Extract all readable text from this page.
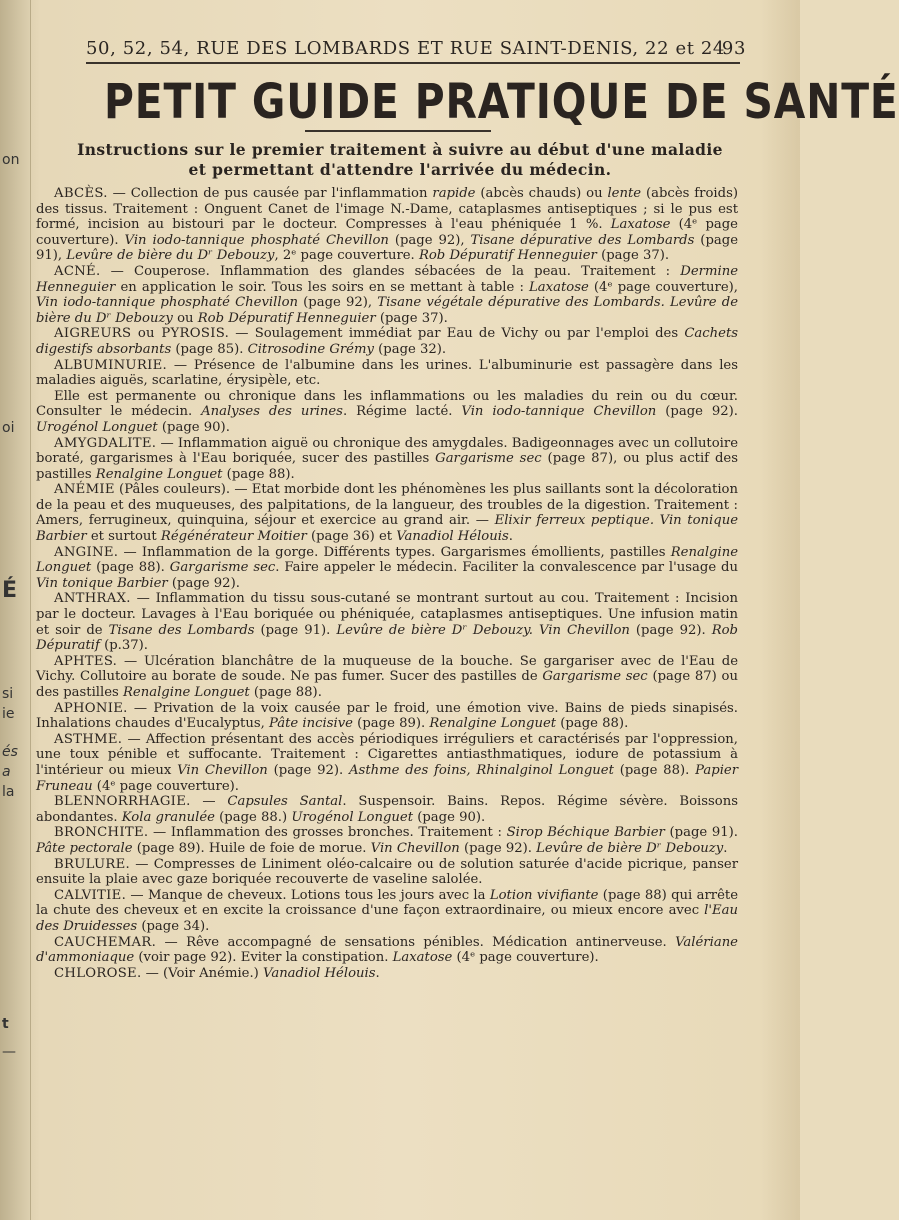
on
oi
É
si
ie
és
a
la
t
—
50, 52, 54, RUE DES LOMBARDS ET RUE SAINT-DENIS, 22 et 24
93
PETIT GUIDE PRATIQUE DE SANTÉ
Instructions sur le premier traitement à suivre au début d'une maladie
et permettant d'attendre l'arrivée du médecin.

ABCÈS. — Collection de pus causée par l'inflammation rapide (abcès chauds) ou lente (abcès froids) des tissus. Traitement : Onguent Canet de l'image N.-Dame, cataplasmes antiseptiques ; si le pus est formé, incision au bistouri par le docteur. Compresses à l'eau phéniquée 1 %. Laxatose (4ᵉ page couverture). Vin iodo-tannique phosphaté Chevillon (page 92), Tisane dépurative des Lombards (page 91), Levûre de bière du Dʳ Debouzy, 2ᵉ page couverture. Rob Dépuratif Henneguier (page 37).

ACNÉ. — Couperose. Inflammation des glandes sébacées de la peau. Traitement : Dermine Henneguier en application le soir. Tous les soirs en se mettant à table : Laxatose (4ᵉ page couverture), Vin iodo-tannique phosphaté Chevillon (page 92), Tisane végétale dépurative des Lombards. Levûre de bière du Dʳ Debouzy ou Rob Dépuratif Henneguier (page 37).

AIGREURS ou PYROSIS. — Soulagement immédiat par Eau de Vichy ou par l'emploi des Cachets digestifs absorbants (page 85). Citrosodine Grémy (page 32).

ALBUMINURIE. — Présence de l'albumine dans les urines. L'albuminurie est passagère dans les maladies aiguës, scarlatine, érysipèle, etc.

Elle est permanente ou chronique dans les inflammations ou les maladies du rein ou du cœur. Consulter le médecin. Analyses des urines. Régime lacté. Vin iodo-tannique Chevillon (page 92). Urogénol Longuet (page 90).

AMYGDALITE. — Inflammation aiguë ou chronique des amygdales. Badigeonnages avec un collutoire boraté, gargarismes à l'Eau boriquée, sucer des pastilles Gargarisme sec (page 87), ou plus actif des pastilles Renalgine Longuet (page 88).

ANÉMIE (Pâles couleurs). — Etat morbide dont les phénomènes les plus saillants sont la décoloration de la peau et des muqueuses, des palpitations, de la langueur, des troubles de la digestion. Traitement : Amers, ferrugineux, quinquina, séjour et exercice au grand air. — Elixir ferreux peptique. Vin tonique Barbier et surtout Régénérateur Moitier (page 36) et Vanadiol Hélouis.

ANGINE. — Inflammation de la gorge. Différents types. Gargarismes émollients, pastilles Renalgine Longuet (page 88). Gargarisme sec. Faire appeler le médecin. Faciliter la convalescence par l'usage du Vin tonique Barbier (page 92).

ANTHRAX. — Inflammation du tissu sous-cutané se montrant surtout au cou. Traitement : Incision par le docteur. Lavages à l'Eau boriquée ou phéniquée, cataplasmes antiseptiques. Une infusion matin et soir de Tisane des Lombards (page 91). Levûre de bière Dʳ Debouzy. Vin Chevillon (page 92). Rob Dépuratif (p.37).

APHTES. — Ulcération blanchâtre de la muqueuse de la bouche. Se gargariser avec de l'Eau de Vichy. Collutoire au borate de soude. Ne pas fumer. Sucer des pastilles de Gargarisme sec (page 87) ou des pastilles Renalgine Longuet (page 88).

APHONIE. — Privation de la voix causée par le froid, une émotion vive. Bains de pieds sinapisés. Inhalations chaudes d'Eucalyptus, Pâte incisive (page 89). Renalgine Longuet (page 88).

ASTHME. — Affection présentant des accès périodiques irréguliers et caractérisés par l'oppression, une toux pénible et suffocante. Traitement : Cigarettes antiasthmatiques, iodure de potassium à l'intérieur ou mieux Vin Chevillon (page 92). Asthme des foins, Rhinalginol Longuet (page 88). Papier Fruneau (4ᵉ page couverture).

BLENNORRHAGIE. — Capsules Santal. Suspensoir. Bains. Repos. Régime sévère. Boissons abondantes. Kola granulée (page 88.) Urogénol Longuet (page 90).

BRONCHITE. — Inflammation des grosses bronches. Traitement : Sirop Béchique Barbier (page 91). Pâte pectorale (page 89). Huile de foie de morue. Vin Chevillon (page 92). Levûre de bière Dʳ Debouzy.

BRULURE. — Compresses de Liniment oléo-calcaire ou de solution saturée d'acide picrique, panser ensuite la plaie avec gaze boriquée recouverte de vaseline salolée.

CALVITIE. — Manque de cheveux. Lotions tous les jours avec la Lotion vivifiante (page 88) qui arrête la chute des cheveux et en excite la croissance d'une façon extraordinaire, ou mieux encore avec l'Eau des Druidesses (page 34).

CAUCHEMAR. — Rêve accompagné de sensations pénibles. Médication antinerveuse. Valériane d'ammoniaque (voir page 92). Eviter la constipation. Laxatose (4ᵉ page couverture).

CHLOROSE. — (Voir Anémie.) Vanadiol Hélouis.
